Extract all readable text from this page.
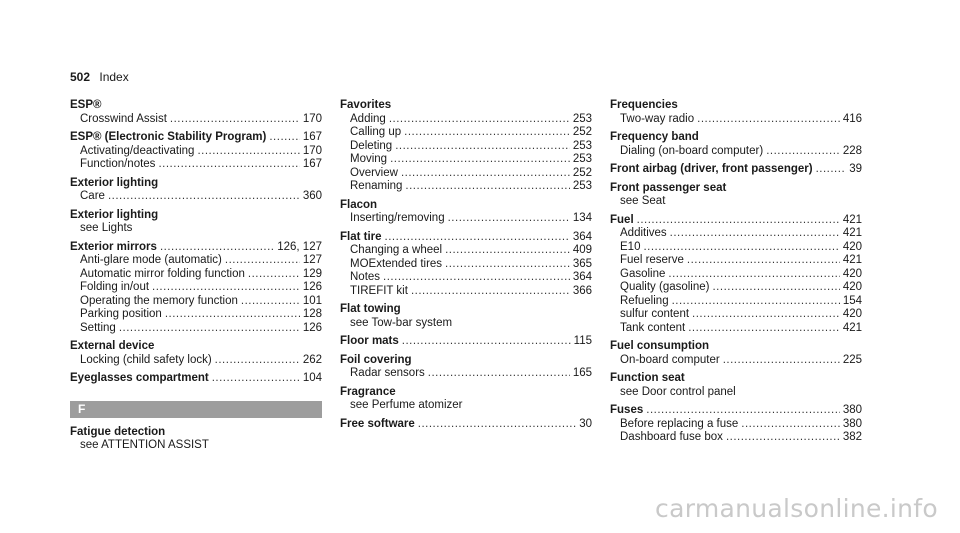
502 Index
ESP®
Crosswind Assist .....	170
ESP® (Electronic Stability Program) .....	167
Activating/deactivating .....	170
Function/notes .....	167
Exterior lighting
Care .....	360
Exterior lighting
see Lights
Exterior mirrors .....	126, 127
Anti-glare mode (automatic) .....	127
Automatic mirror folding function .....	129
Folding in/out .....	126
Operating the memory function .....	101
Parking position .....	128
Setting .....	126
External device
Locking (child safety lock) .....	262
Eyeglasses compartment .....	104
F
Fatigue detection
see ATTENTION ASSIST
Favorites
Adding .....	253
Calling up .....	252
Deleting .....	253
Moving .....	253
Overview .....	252
Renaming .....	253
Flacon
Inserting/removing .....	134
Flat tire .....	364
Changing a wheel .....	409
MOExtended tires .....	365
Notes .....	364
TIREFIT kit .....	366
Flat towing
see Tow-bar system
Floor mats .....	115
Foil covering
Radar sensors .....	165
Fragrance
see Perfume atomizer
Free software .....	30
Frequencies
Two-way radio .....	416
Frequency band
Dialing (on-board computer) .....	228
Front airbag (driver, front passenger) .....	39
Front passenger seat
see Seat
Fuel .....	421
Additives .....	421
E10 .....	420
Fuel reserve .....	421
Gasoline .....	420
Quality (gasoline) .....	420
Refueling .....	154
sulfur content .....	420
Tank content .....	421
Fuel consumption
On-board computer .....	225
Function seat
see Door control panel
Fuses .....	380
Before replacing a fuse .....	380
Dashboard fuse box .....	382
carmanualsonline.info
